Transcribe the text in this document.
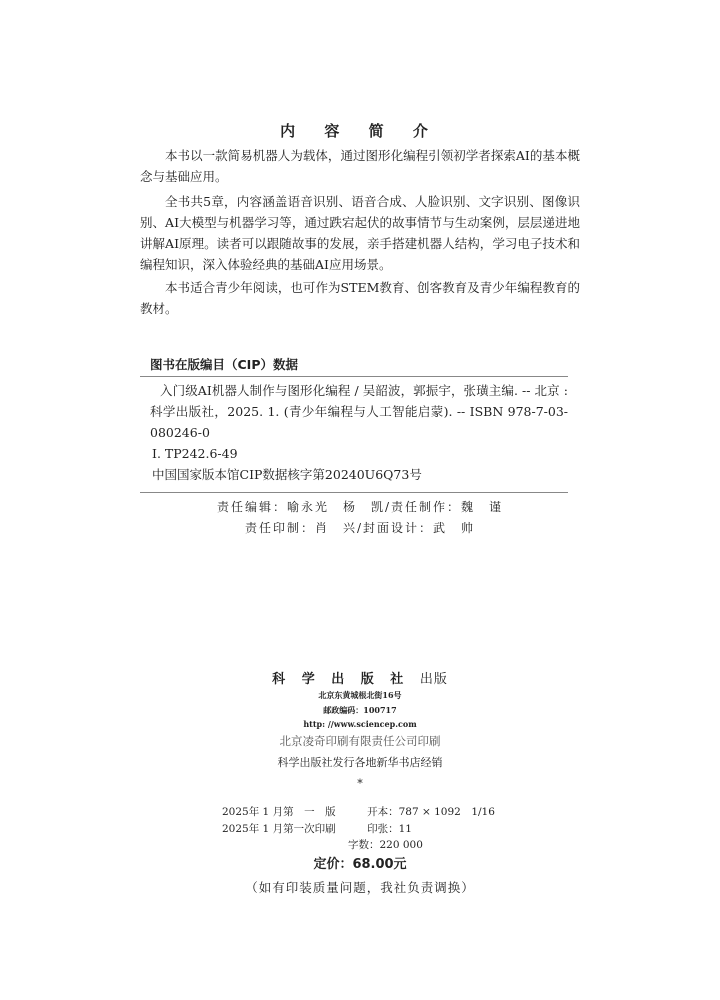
内 容 简 介

本书以一款简易机器人为载体，通过图形化编程引领初学者探索AI的基本概念与基础应用。

全书共5章，内容涵盖语音识别、语音合成、人脸识别、文字识别、图像识别、AI大模型与机器学习等，通过跌宕起伏的故事情节与生动案例，层层递进地讲解AI原理。读者可以跟随故事的发展，亲手搭建机器人结构，学习电子技术和编程知识，深入体验经典的基础AI应用场景。

本书适合青少年阅读，也可作为STEM教育、创客教育及青少年编程教育的教材。

图书在版编目（CIP）数据
入门级AI机器人制作与图形化编程 / 吴韶波，郭振宇，张璜主编. -- 北京 : 科学出版社，2025. 1. (青少年编程与人工智能启蒙). -- ISBN 978-7-03-080246-0
Ⅰ. TP242.6-49
中国国家版本馆CIP数据核字第20240U6Q73号
责任编辑：喻永光　杨　凯/责任制作：魏　谨
责任印制：肖　兴/封面设计：武　帅
科 学 出 版 社 出版
北京东黄城根北街16号
邮政编码：100717
http: //www.sciencep.com
北京凌奇印刷有限责任公司印刷
科学出版社发行各地新华书店经销
*
2025年 1 月第　一　版　　　开本：787 × 1092　1/16
2025年 1 月第一次印刷　　　印张：11
　　　　　　　　　　　　字数：220 000
定价：68.00元
（如有印装质量问题，我社负责调换）
